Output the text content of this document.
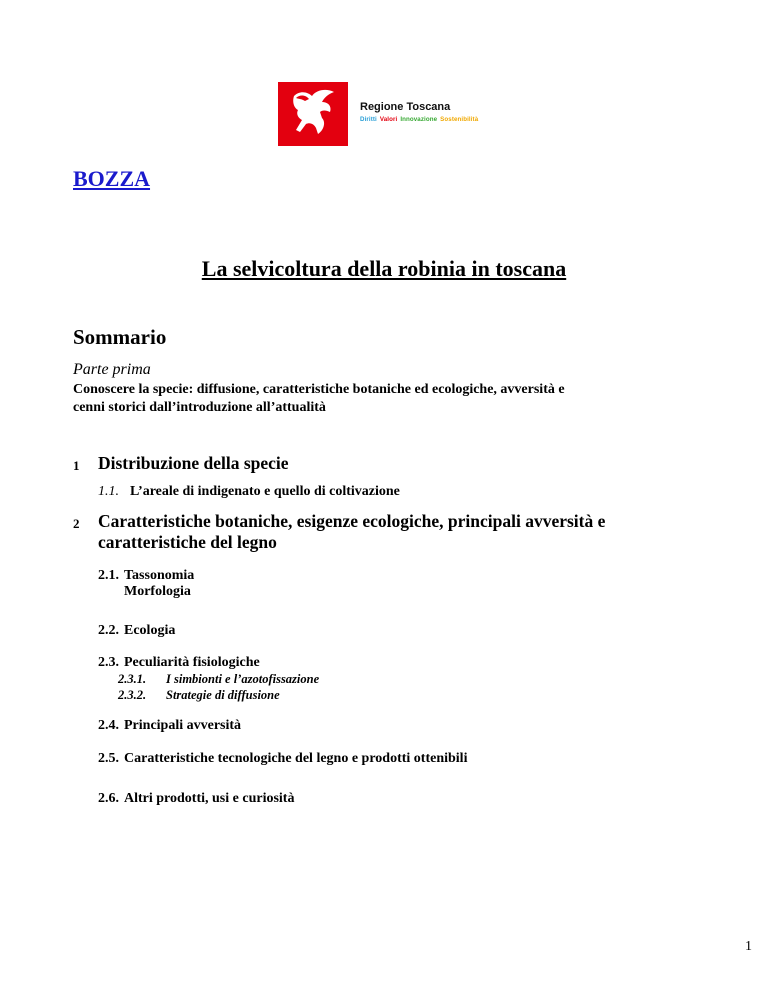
Regione Toscana
Diritti Valori Innovazione Sostenibilità
BOZZA
La selvicoltura della robinia in toscana
Sommario
Parte prima
Conoscere la specie: diffusione, caratteristiche botaniche ed ecologiche, avversità e
cenni storici dall’introduzione all’attualità
1 Distribuzione della specie
1.1. L’areale di indigenato e quello di coltivazione
2 Caratteristiche botaniche, esigenze ecologiche, principali avversità e
caratteristiche del legno
2.1. Tassonomia
Morfologia
2.2. Ecologia
2.3. Peculiarità fisiologiche
2.3.1. I simbionti e l’azotofissazione
2.3.2. Strategie di diffusione
2.4. Principali avversità
2.5. Caratteristiche tecnologiche del legno e prodotti ottenibili
2.6. Altri prodotti, usi e curiosità
1
